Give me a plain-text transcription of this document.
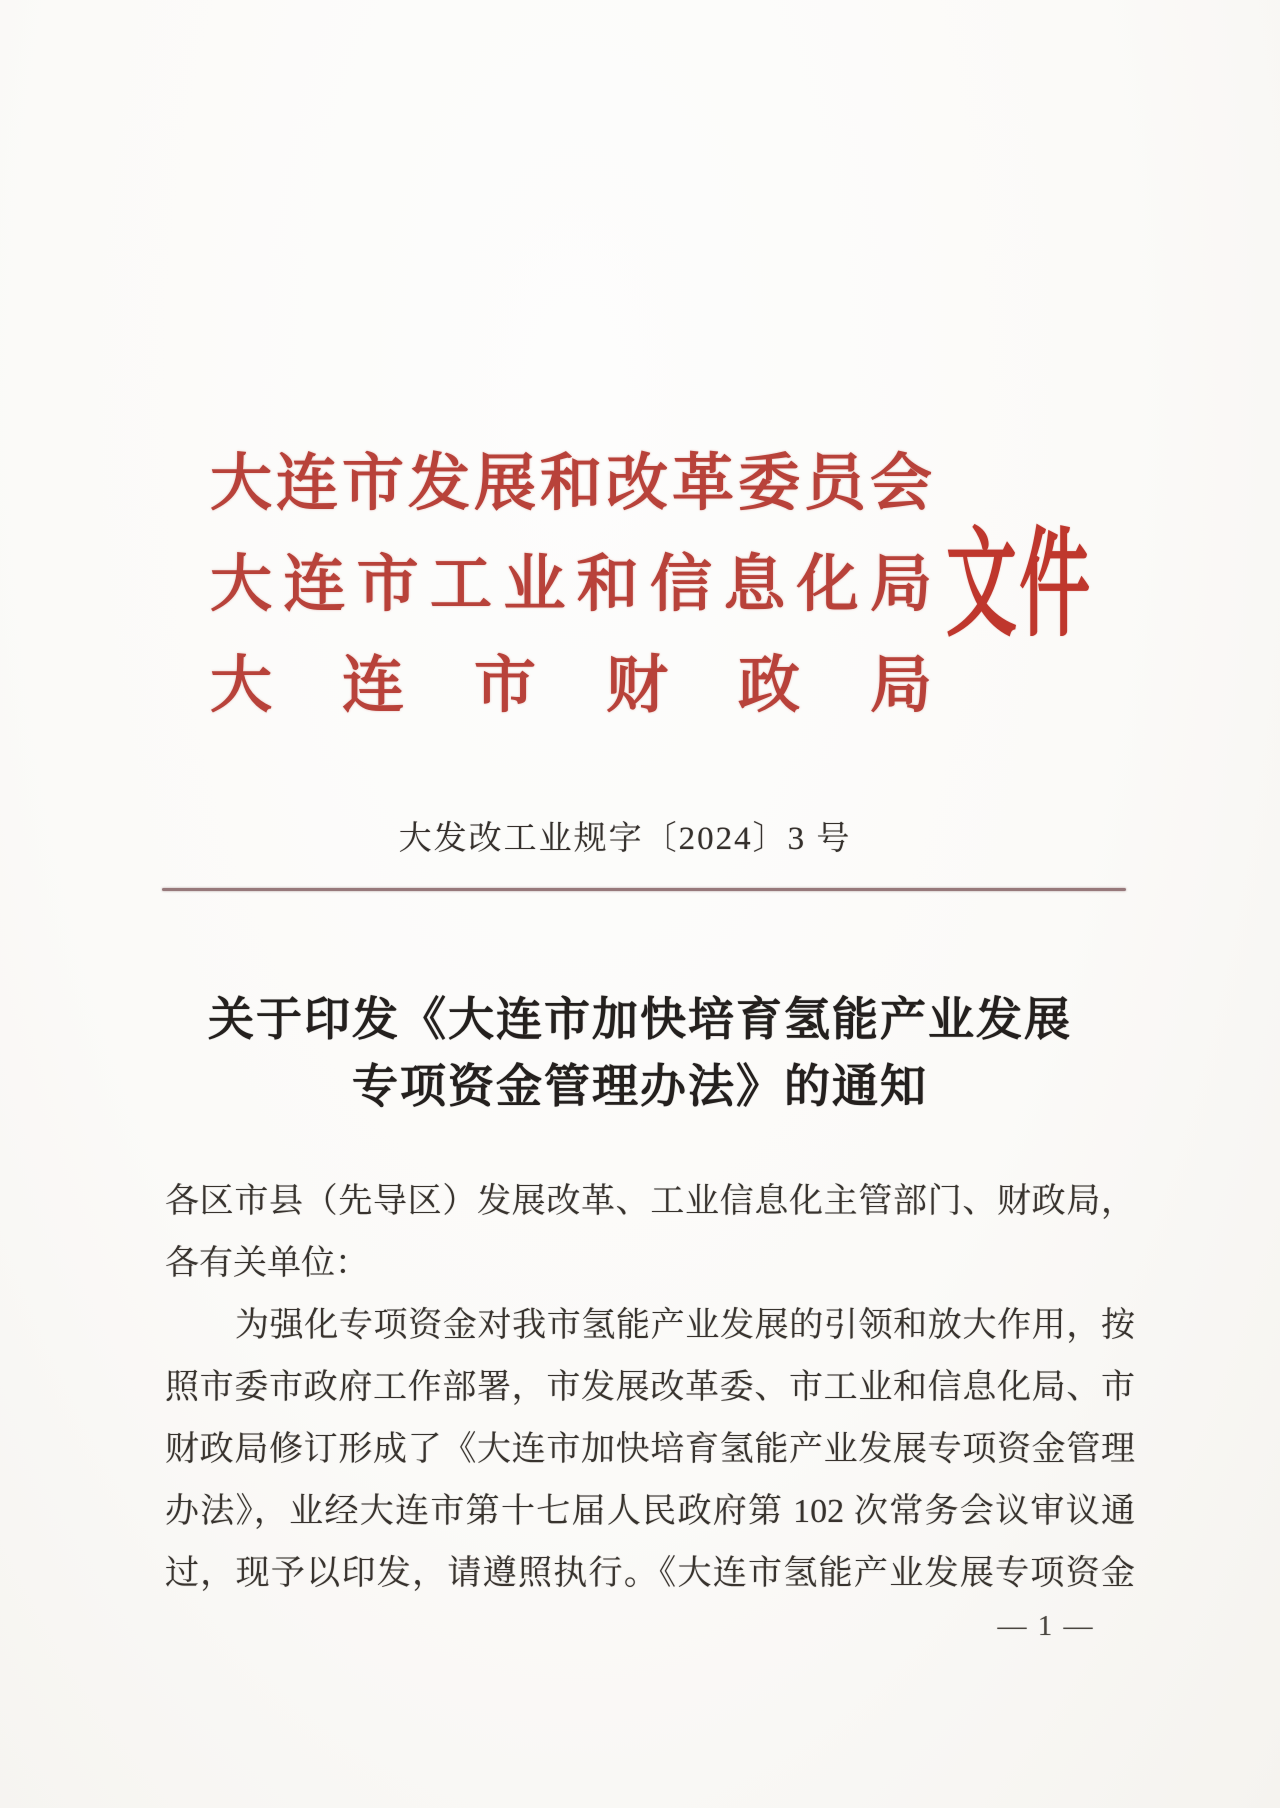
大连市发展和改革委员会
大连市工业和信息化局
大连市财政局
文件
大发改工业规字〔2024〕3 号
关于印发《大连市加快培育氢能产业发展
专项资金管理办法》的通知
各区市县（先导区）发展改革、工业信息化主管部门、财政局，
各有关单位：
为强化专项资金对我市氢能产业发展的引领和放大作用，按
照市委市政府工作部署，市发展改革委、市工业和信息化局、市
财政局修订形成了《大连市加快培育氢能产业发展专项资金管理
办法》，业经大连市第十七届人民政府第 102 次常务会议审议通
过，现予以印发，请遵照执行。《大连市氢能产业发展专项资金
— 1 —
